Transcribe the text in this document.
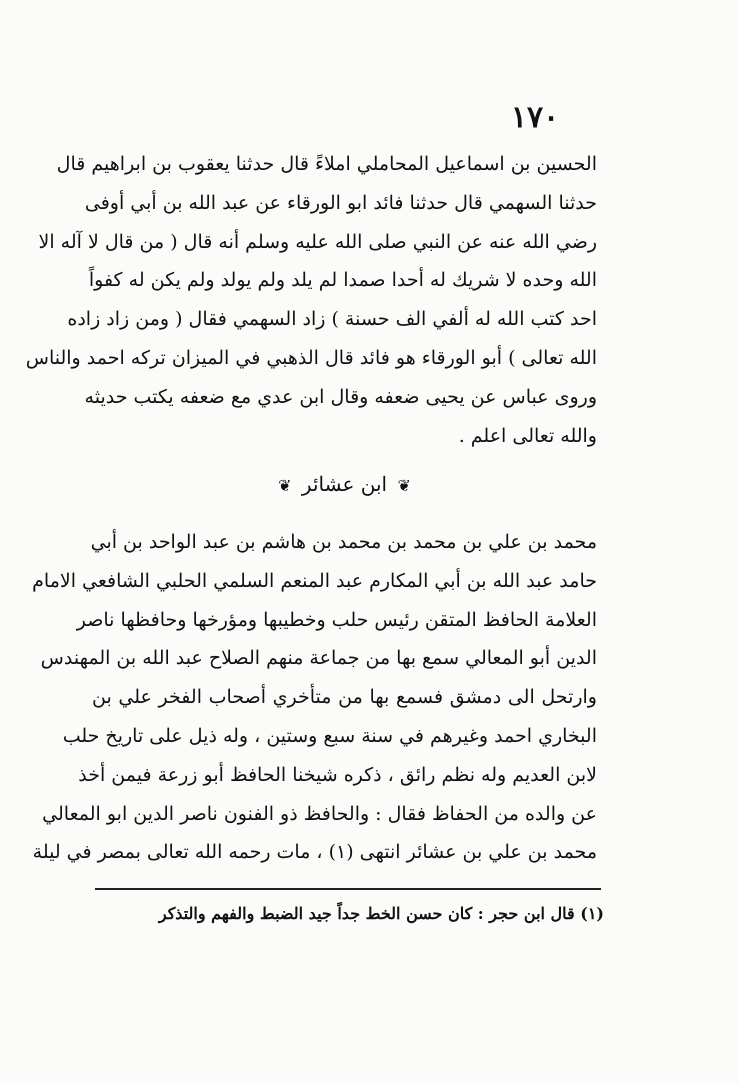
١٧٠
الحسين بن اسماعيل المحاملي املاءً قال حدثنا يعقوب بن ابراهيم قال
حدثنا السهمي قال حدثنا فائد ابو الورقاء عن عبد الله بن أبي أوفى
رضي الله عنه عن النبي صلى الله عليه وسلم أنه قال ( من قال لا آله الا
الله وحده لا شريك له أحدا صمدا لم يلد ولم يولد ولم يكن له كفواً
احد كتب الله له ألفي الف حسنة ) زاد السهمي فقال ( ومن زاد زاده
الله تعالى ) أبو الورقاء هو فائد قال الذهبي في الميزان تركه احمد والناس
وروى عباس عن يحيى ضعفه وقال ابن عدي مع ضعفه يكتب حديثه
والله تعالى اعلم .
❦ ابن عشائر ❦
محمد بن علي بن محمد بن محمد بن هاشم بن عبد الواحد بن أبي
حامد عبد الله بن أبي المكارم عبد المنعم السلمي الحلبي الشافعي الامام
العلامة الحافظ المتقن رئيس حلب وخطيبها ومؤرخها وحافظها ناصر
الدين أبو المعالي سمع بها من جماعة منهم الصلاح عبد الله بن المهندس
وارتحل الى دمشق فسمع بها من متأخري أصحاب الفخر علي بن
البخاري احمد وغيرهم في سنة سبع وستين ، وله ذيل على تاريخ حلب
لابن العديم وله نظم رائق ، ذكره شيخنا الحافظ أبو زرعة فيمن أخذ
عن والده من الحفاظ فقال : والحافظ ذو الفنون ناصر الدين ابو المعالي
محمد بن علي بن عشائر انتهى (١) ، مات رحمه الله تعالى بمصر في ليلة
(١) قال ابن حجر : كان حسن الخط جداً جيد الضبط والفهم والتذكر
